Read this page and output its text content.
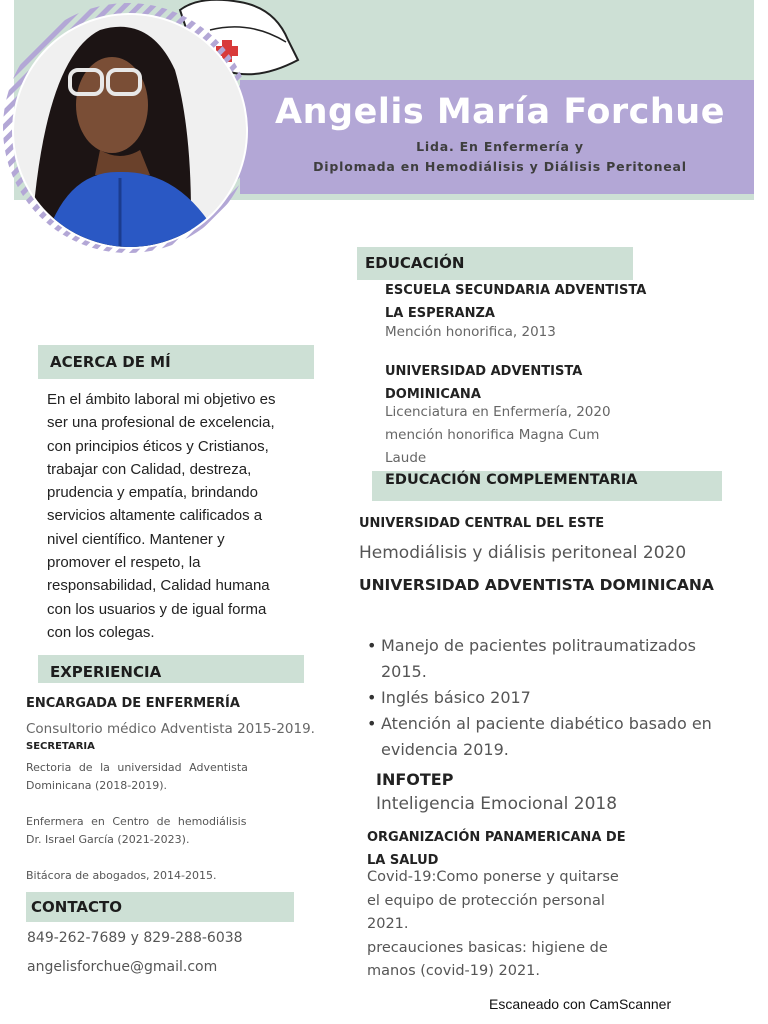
Angelis María Forchue
Lida. En Enfermería y
Diplomada en Hemodiálisis y Diálisis Peritoneal
ACERCA DE MÍ
En el ámbito laboral mi objetivo es
ser una profesional de excelencia,
con principios éticos y Cristianos,
trabajar con Calidad, destreza,
prudencia y empatía, brindando
servicios altamente calificados a
nivel científico. Mantener y
promover el respeto, la
responsabilidad, Calidad humana
con los usuarios y de igual forma
con los colegas.
EXPERIENCIA
ENCARGADA DE ENFERMERÍA
Consultorio médico Adventista 2015-2019.
SECRETARIA
Rectoria de la universidad Adventista
Dominicana (2018-2019).
Enfermera en Centro de hemodiálisis
Dr. Israel García (2021-2023).
Bitácora de abogados, 2014-2015.
CONTACTO
849-262-7689 y 829-288-6038
angelisforchue@gmail.com
EDUCACIÓN
ESCUELA SECUNDARIA ADVENTISTA
LA ESPERANZA
Mención honorifica, 2013
UNIVERSIDAD ADVENTISTA
DOMINICANA
Licenciatura en Enfermería, 2020
mención honorifica Magna Cum
Laude
EDUCACIÓN COMPLEMENTARIA
UNIVERSIDAD CENTRAL DEL ESTE
Hemodiálisis y diálisis peritoneal 2020
UNIVERSIDAD ADVENTISTA DOMINICANA
• Manejo de pacientes politraumatizados
2015.
• Inglés básico 2017
• Atención al paciente diabético basado en
evidencia 2019.
INFOTEP
Inteligencia Emocional 2018
ORGANIZACIÓN PANAMERICANA DE
LA SALUD
Covid-19:Como ponerse y quitarse
el equipo de protección personal
2021.
precauciones basicas: higiene de
manos (covid-19) 2021.
Escaneado con CamScanner
